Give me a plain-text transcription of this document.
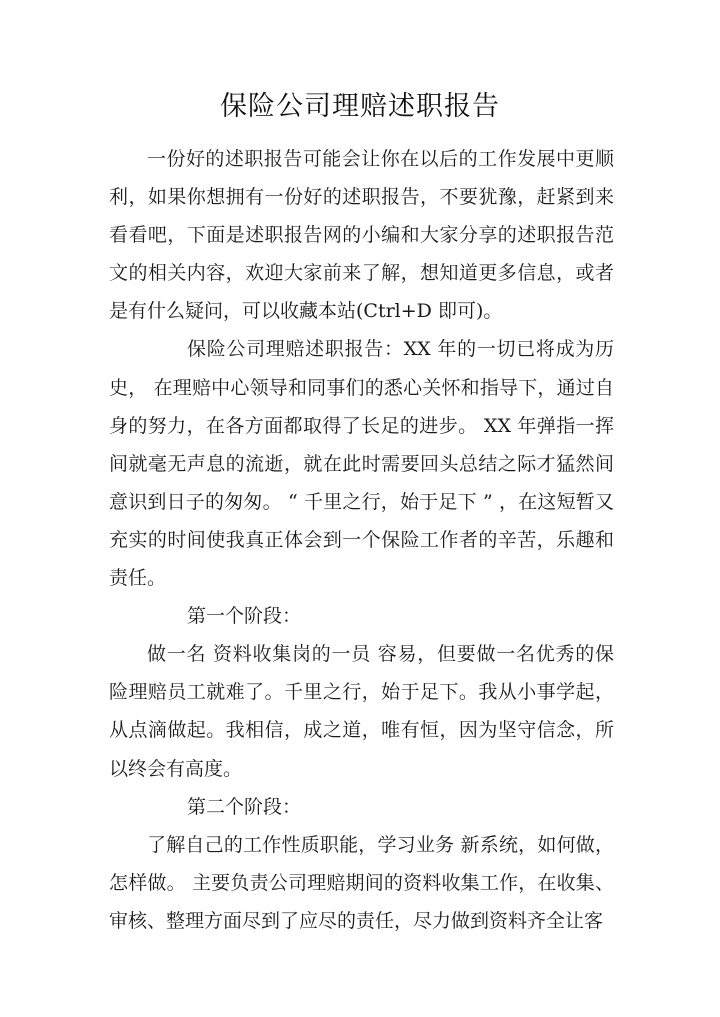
保险公司理赔述职报告

一份好的述职报告可能会让你在以后的工作发展中更顺利，如果你想拥有一份好的述职报告，不要犹豫，赶紧到来看看吧，下面是述职报告网的小编和大家分享的述职报告范文的相关内容，欢迎大家前来了解，想知道更多信息，或者是有什么疑问，可以收藏本站(Ctrl+D 即可)。

保险公司理赔述职报告：XX 年的一切已将成为历史， 在理赔中心领导和同事们的悉心关怀和指导下，通过自身的努力，在各方面都取得了长足的进步。 XX 年弹指一挥间就毫无声息的流逝，就在此时需要回头总结之际才猛然间意识到日子的匆匆。 “ 千里之行，始于足下 ” ，在这短暂又充实的时间使我真正体会到一个保险工作者的辛苦，乐趣和责任。

第一个阶段：

做一名 资料收集岗的一员 容易，但要做一名优秀的保险理赔员工就难了。千里之行，始于足下。我从小事学起，从点滴做起。我相信，成之道，唯有恒，因为坚守信念，所以终会有高度。

第二个阶段：

了解自己的工作性质职能，学习业务 新系统，如何做，怎样做。 主要负责公司理赔期间的资料收集工作，在收集、审核、整理方面尽到了应尽的责任，尽力做到资料齐全让客
